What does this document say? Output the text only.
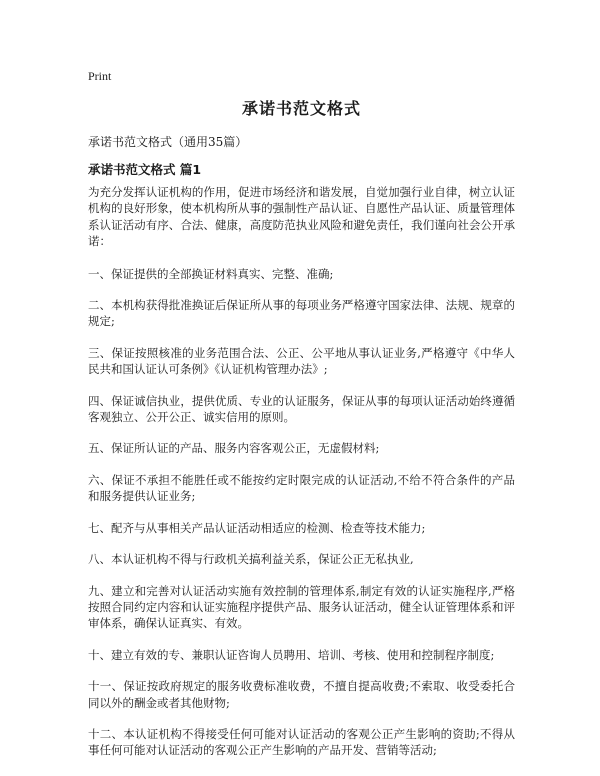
Print
承诺书范文格式
承诺书范文格式（通用35篇）
承诺书范文格式 篇1
为充分发挥认证机构的作用，促进市场经济和谐发展，自觉加强行业自律，树立认证机构的良好形象，使本机构所从事的强制性产品认证、自愿性产品认证、质量管理体系认证活动有序、合法、健康，高度防范执业风险和避免责任，我们谨向社会公开承诺：
一、保证提供的全部换证材料真实、完整、准确;
二、本机构获得批准换证后保证所从事的每项业务严格遵守国家法律、法规、规章的规定;
三、保证按照核准的业务范围合法、公正、公平地从事认证业务,严格遵守《中华人民共和国认证认可条例》《认证机构管理办法》;
四、保证诚信执业，提供优质、专业的认证服务，保证从事的每项认证活动始终遵循客观独立、公开公正、诚实信用的原则。
五、保证所认证的产品、服务内容客观公正，无虚假材料;
六、保证不承担不能胜任或不能按约定时限完成的认证活动,不给不符合条件的产品和服务提供认证业务;
七、配齐与从事相关产品认证活动相适应的检测、检查等技术能力;
八、本认证机构不得与行政机关搞利益关系，保证公正无私执业,
九、建立和完善对认证活动实施有效控制的管理体系,制定有效的认证实施程序,严格按照合同约定内容和认证实施程序提供产品、服务认证活动，健全认证管理体系和评审体系，确保认证真实、有效。
十、建立有效的专、兼职认证咨询人员聘用、培训、考核、使用和控制程序制度;
十一、保证按政府规定的服务收费标准收费，不擅自提高收费;不索取、收受委托合同以外的酬金或者其他财物;
十二、本认证机构不得接受任何可能对认证活动的客观公正产生影响的资助;不得从事任何可能对认证活动的客观公正产生影响的产品开发、营销等活动;
